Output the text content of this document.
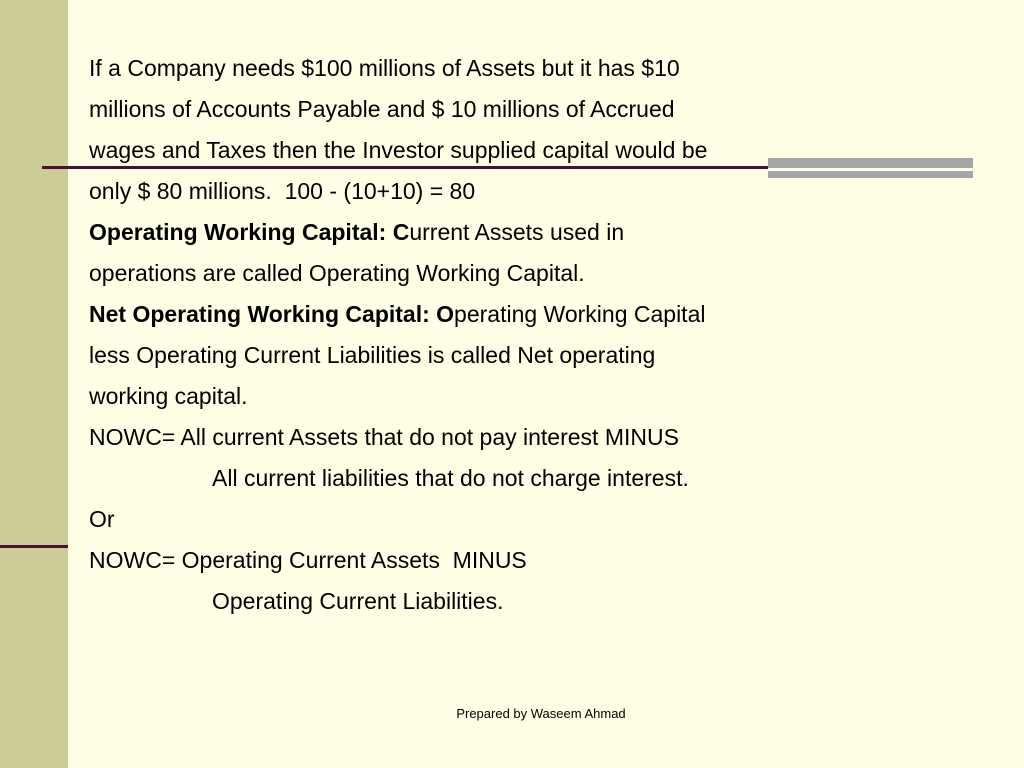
If a Company needs $100 millions of Assets but it has $10
millions of Accounts Payable and $ 10 millions of Accrued
wages and Taxes then the Investor supplied capital would be
only $ 80 millions.  100 - (10+10) = 80
Operating Working Capital: Current Assets used in
operations are called Operating Working Capital.
Net Operating Working Capital: Operating Working Capital
less Operating Current Liabilities is called Net operating
working capital.
NOWC= All current Assets that do not pay interest MINUS
All current liabilities that do not charge interest.
Or
NOWC= Operating Current Assets  MINUS
Operating Current Liabilities.
Prepared by Waseem Ahmad
